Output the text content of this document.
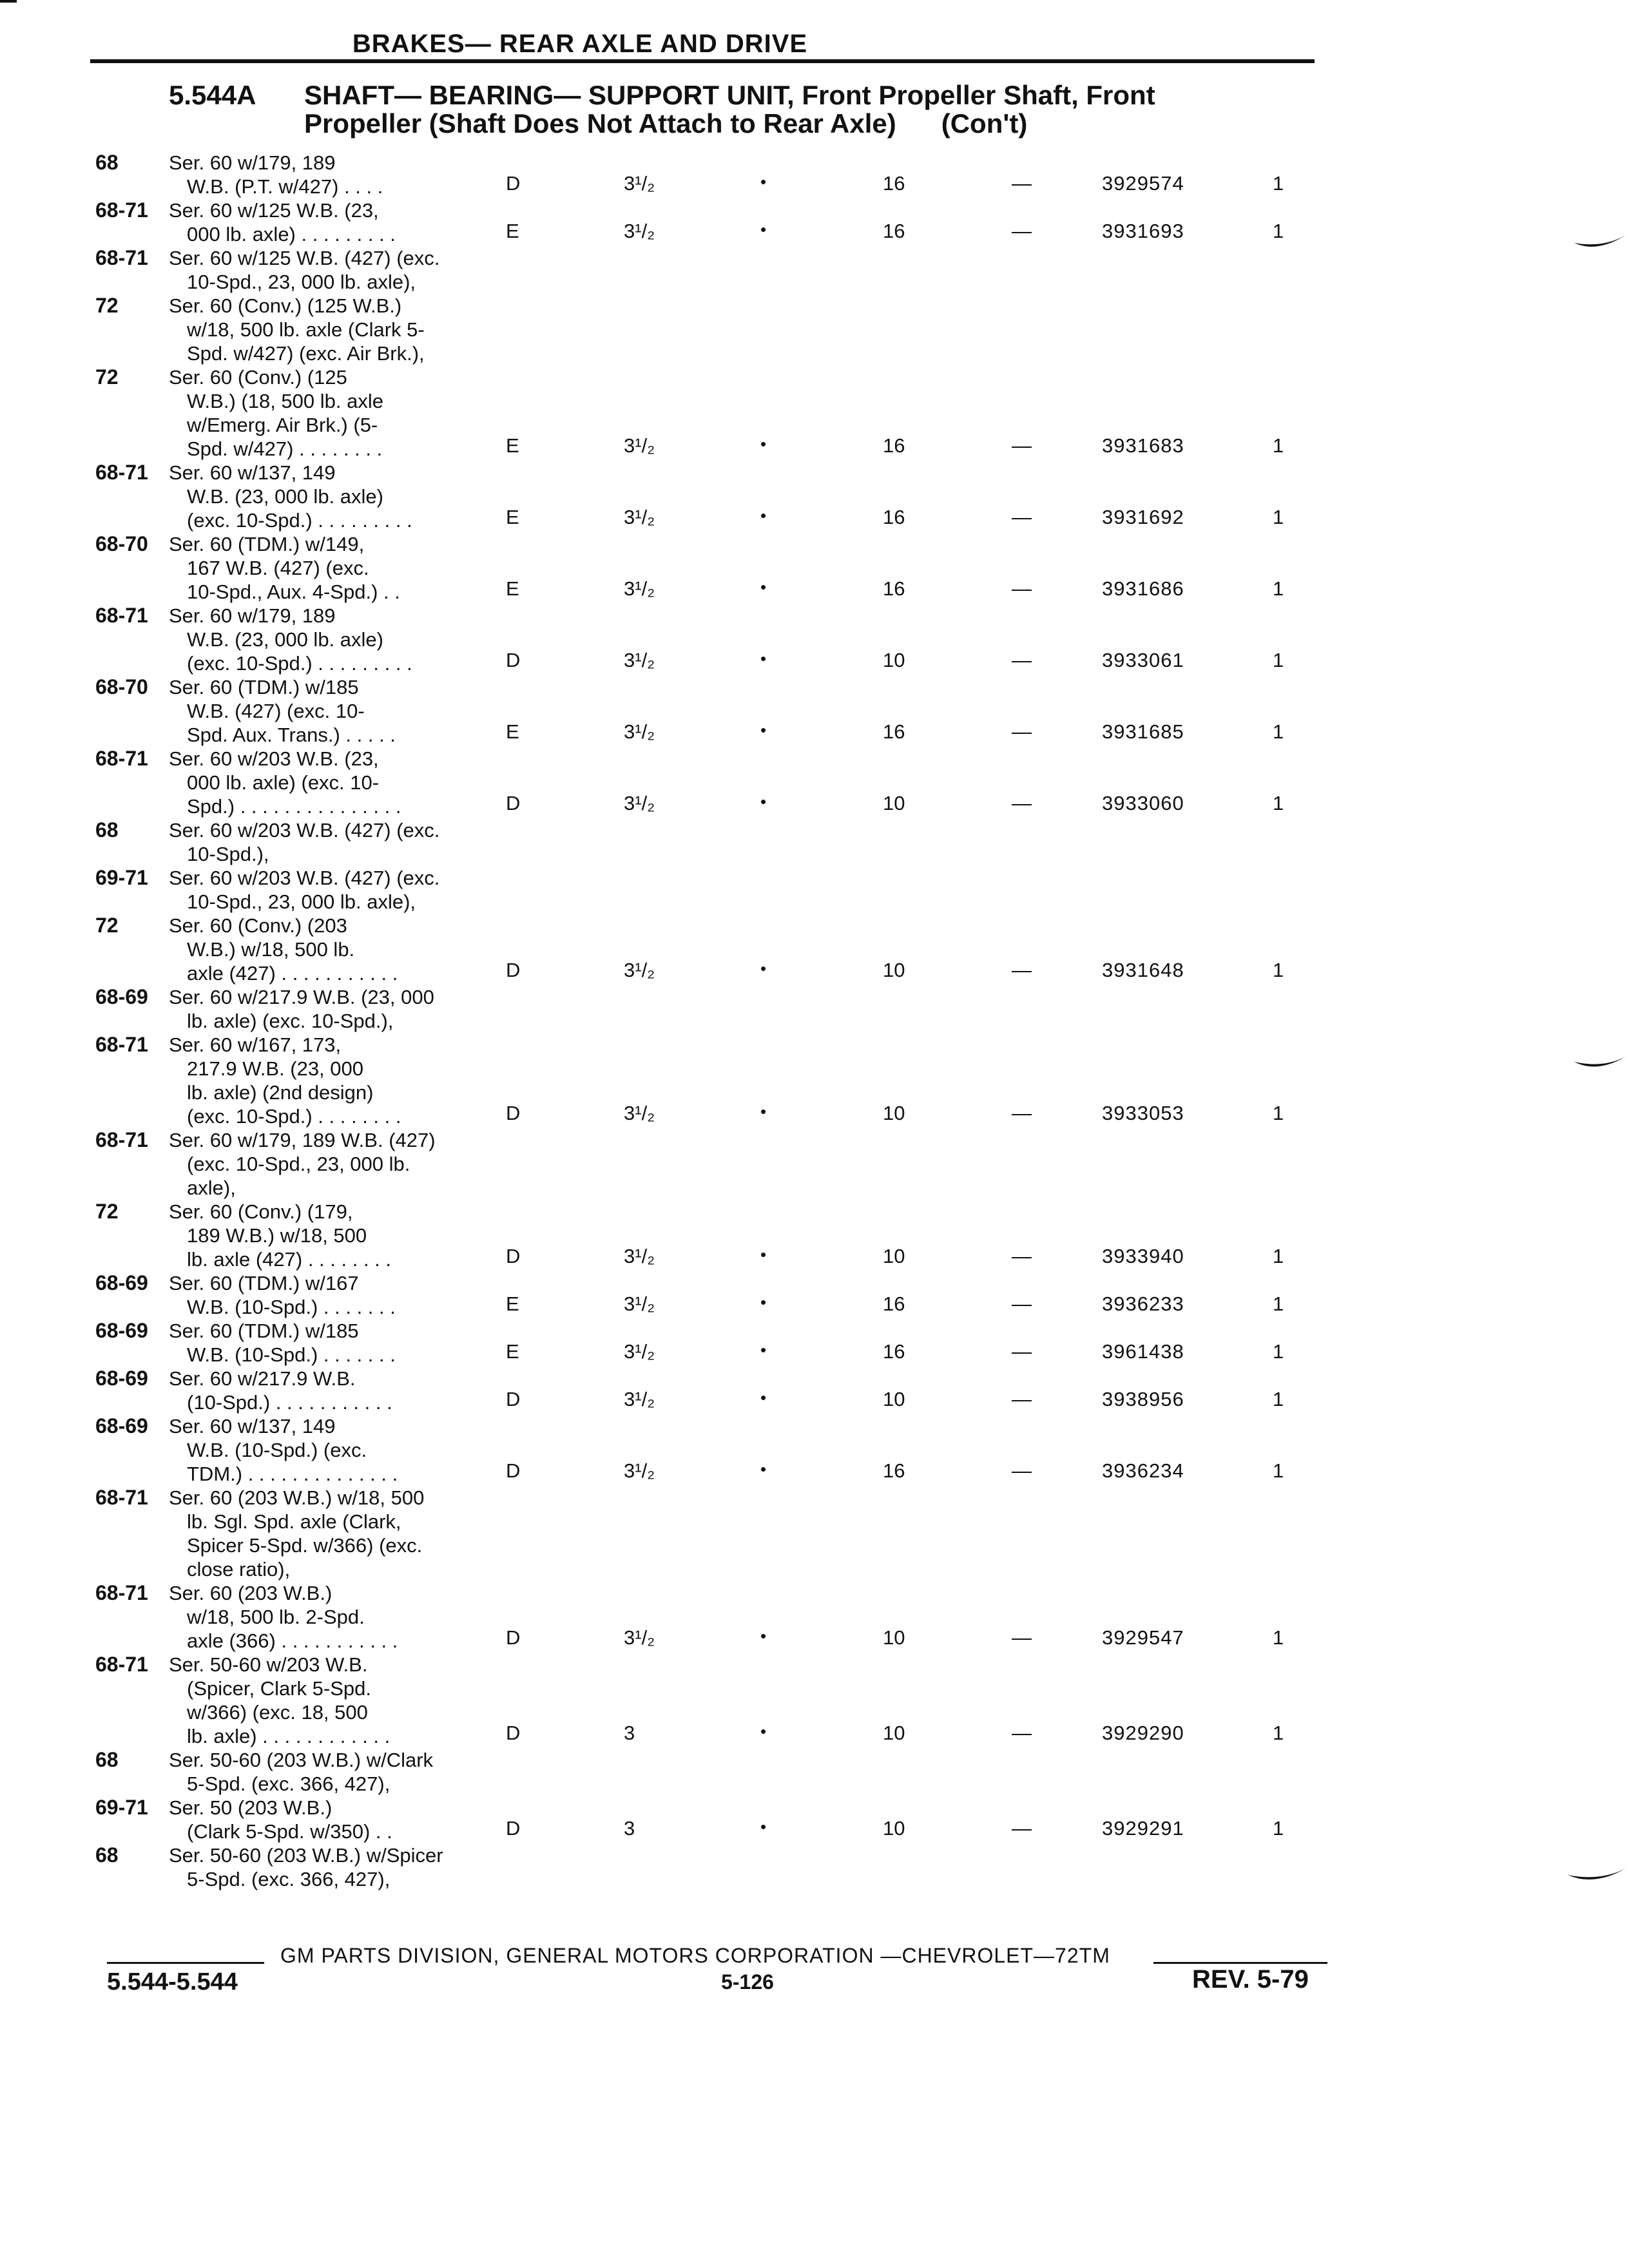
BRAKES— REAR AXLE AND DRIVE
5.544A SHAFT— BEARING— SUPPORT UNIT, Front Propeller Shaft, Front
Propeller (Shaft Does Not Attach to Rear Axle) (Con't)
68	Ser. 60 w/179, 189
W.B. (P.T. w/427) . . . .	D	3¹/₂	•	16	—	3929574	1
68-71	Ser. 60 w/125 W.B. (23,
000 lb. axle) . . . . . . . . .	E	3¹/₂	•	16	—	3931693	1
68-71	Ser. 60 w/125 W.B. (427) (exc.
10-Spd., 23, 000 lb. axle),
72	Ser. 60 (Conv.) (125 W.B.)
w/18, 500 lb. axle (Clark 5-
Spd. w/427) (exc. Air Brk.),
72	Ser. 60 (Conv.) (125
W.B.) (18, 500 lb. axle
w/Emerg. Air Brk.) (5-
Spd. w/427) . . . . . . . .	E	3¹/₂	•	16	—	3931683	1
68-71	Ser. 60 w/137, 149
W.B. (23, 000 lb. axle)
(exc. 10-Spd.) . . . . . . . . .	E	3¹/₂	•	16	—	3931692	1
68-70	Ser. 60 (TDM.) w/149,
167 W.B. (427) (exc.
10-Spd., Aux. 4-Spd.) . .	E	3¹/₂	•	16	—	3931686	1
68-71	Ser. 60 w/179, 189
W.B. (23, 000 lb. axle)
(exc. 10-Spd.) . . . . . . . . .	D	3¹/₂	•	10	—	3933061	1
68-70	Ser. 60 (TDM.) w/185
W.B. (427) (exc. 10-
Spd. Aux. Trans.) . . . . .	E	3¹/₂	•	16	—	3931685	1
68-71	Ser. 60 w/203 W.B. (23,
000 lb. axle) (exc. 10-
Spd.) . . . . . . . . . . . . . . .	D	3¹/₂	•	10	—	3933060	1
68	Ser. 60 w/203 W.B. (427) (exc.
10-Spd.),
69-71	Ser. 60 w/203 W.B. (427) (exc.
10-Spd., 23, 000 lb. axle),
72	Ser. 60 (Conv.) (203
W.B.) w/18, 500 lb.
axle (427) . . . . . . . . . . .	D	3¹/₂	•	10	—	3931648	1
68-69	Ser. 60 w/217.9 W.B. (23, 000
lb. axle) (exc. 10-Spd.),
68-71	Ser. 60 w/167, 173,
217.9 W.B. (23, 000
lb. axle) (2nd design)
(exc. 10-Spd.) . . . . . . . .	D	3¹/₂	•	10	—	3933053	1
68-71	Ser. 60 w/179, 189 W.B. (427)
(exc. 10-Spd., 23, 000 lb.
axle),
72	Ser. 60 (Conv.) (179,
189 W.B.) w/18, 500
lb. axle (427) . . . . . . . .	D	3¹/₂	•	10	—	3933940	1
68-69	Ser. 60 (TDM.) w/167
W.B. (10-Spd.) . . . . . . .	E	3¹/₂	•	16	—	3936233	1
68-69	Ser. 60 (TDM.) w/185
W.B. (10-Spd.) . . . . . . .	E	3¹/₂	•	16	—	3961438	1
68-69	Ser. 60 w/217.9 W.B.
(10-Spd.) . . . . . . . . . . .	D	3¹/₂	•	10	—	3938956	1
68-69	Ser. 60 w/137, 149
W.B. (10-Spd.) (exc.
TDM.) . . . . . . . . . . . . . .	D	3¹/₂	•	16	—	3936234	1
68-71	Ser. 60 (203 W.B.) w/18, 500
lb. Sgl. Spd. axle (Clark,
Spicer 5-Spd. w/366) (exc.
close ratio),
68-71	Ser. 60 (203 W.B.)
w/18, 500 lb. 2-Spd.
axle (366) . . . . . . . . . . .	D	3¹/₂	•	10	—	3929547	1
68-71	Ser. 50-60 w/203 W.B.
(Spicer, Clark 5-Spd.
w/366) (exc. 18, 500
lb. axle) . . . . . . . . . . . .	D	3	•	10	—	3929290	1
68	Ser. 50-60 (203 W.B.) w/Clark
5-Spd. (exc. 366, 427),
69-71	Ser. 50 (203 W.B.)
(Clark 5-Spd. w/350) . .	D	3	•	10	—	3929291	1
68	Ser. 50-60 (203 W.B.) w/Spicer
5-Spd. (exc. 366, 427),
GM PARTS DIVISION, GENERAL MOTORS CORPORATION —CHEVROLET—72TM
5.544-5.544	5-126	REV. 5-79
